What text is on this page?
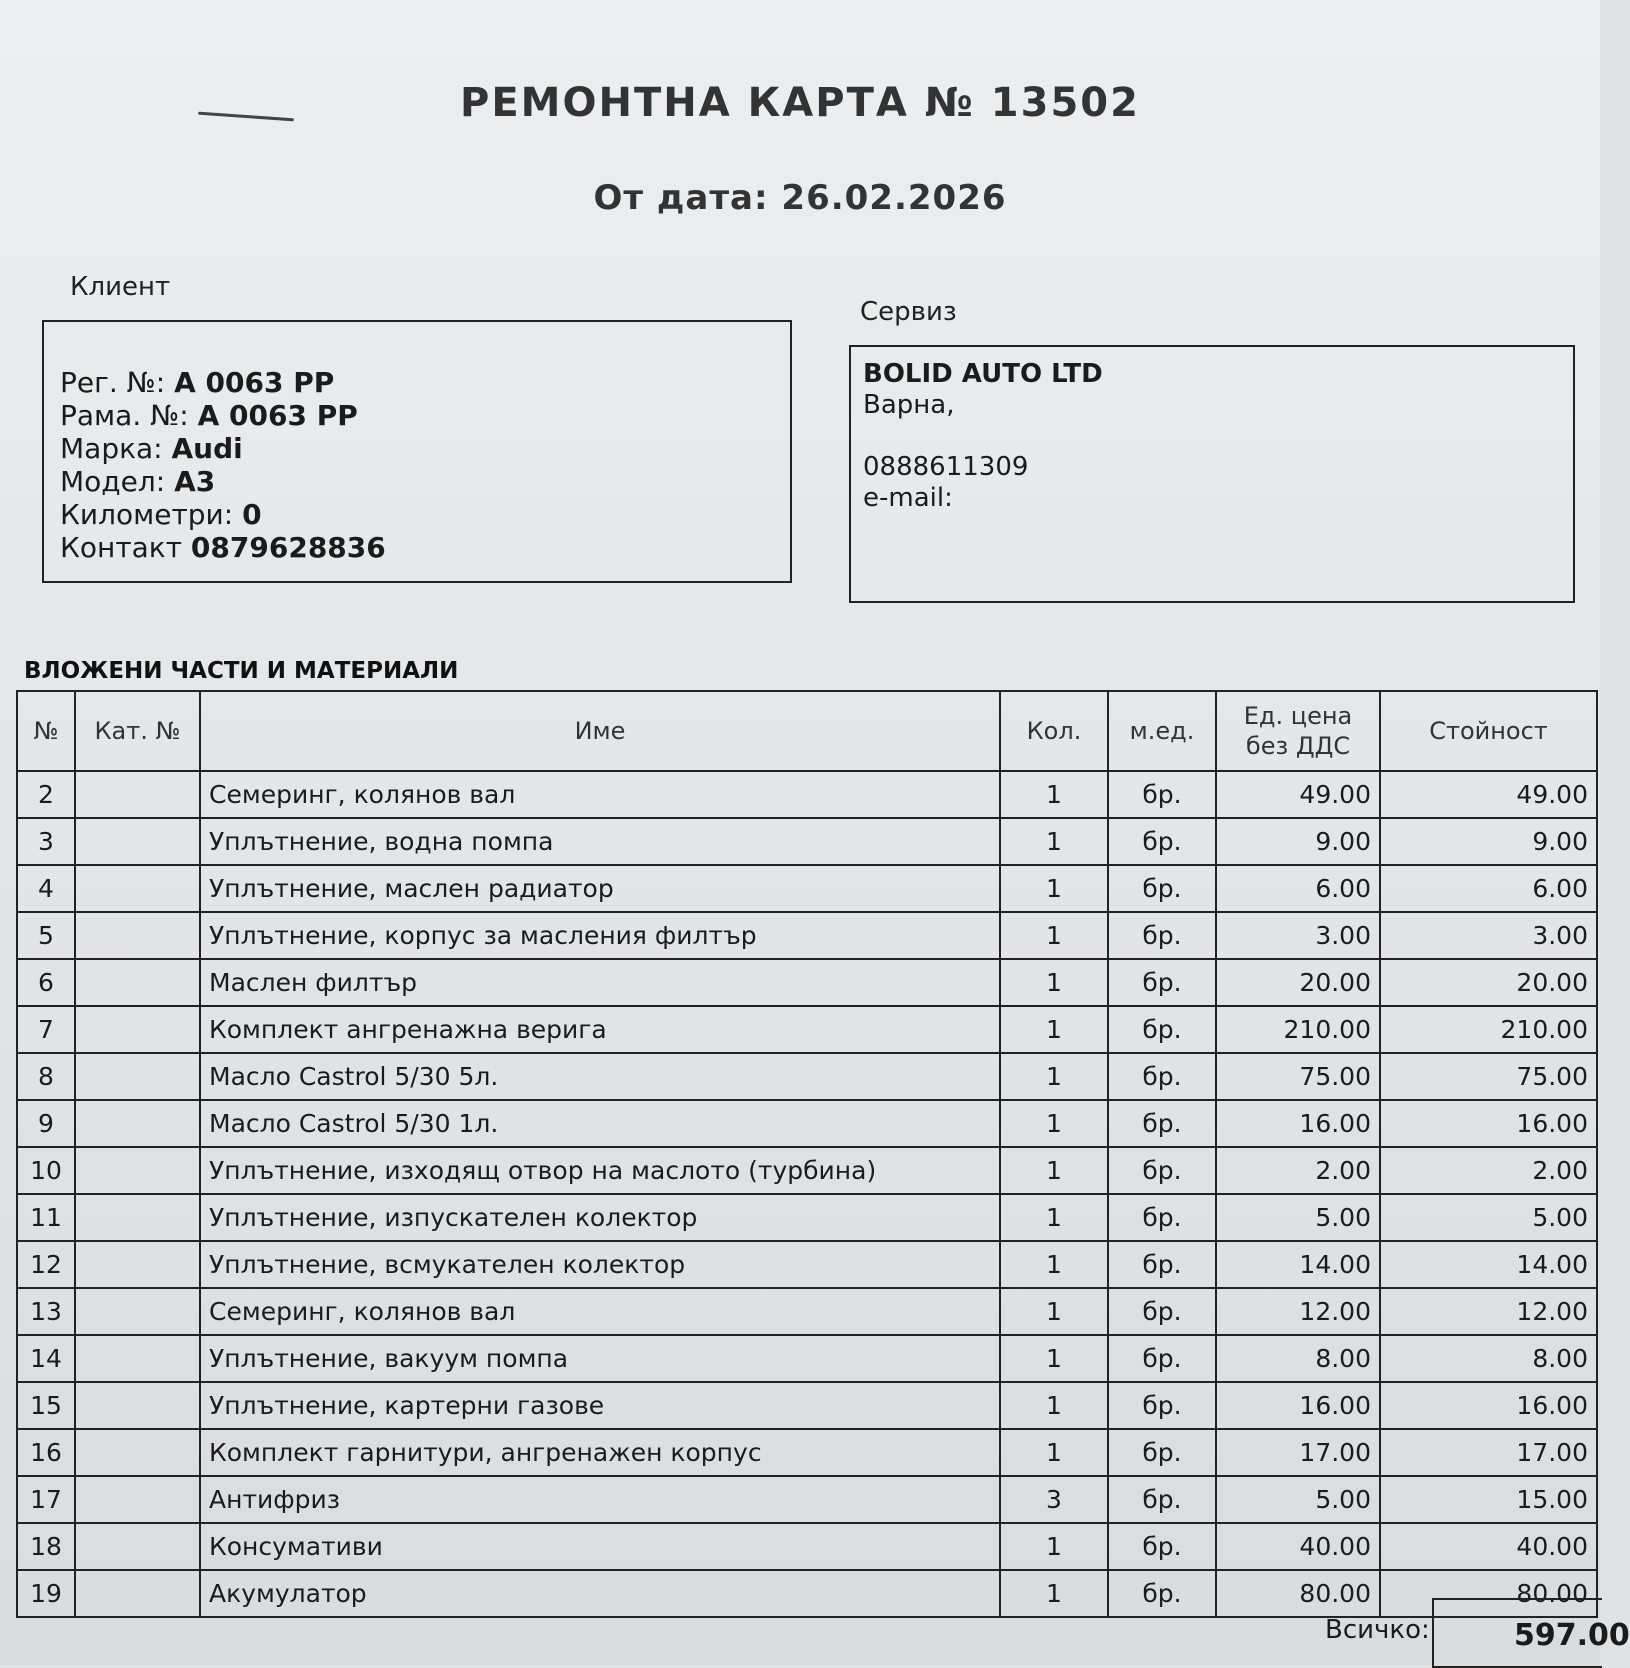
РЕМОНТНА КАРТА № 13502
От дата: 26.02.2026
Клиент
Рег. №: A 0063 PP
Рама. №: A 0063 PP
Марка: Audi
Модел: A3
Километри: 0
Контакт 0879628836
Сервиз
BOLID AUTO LTD
Варна,
0888611309
e-mail:
ВЛОЖЕНИ ЧАСТИ И МАТЕРИАЛИ
№	Кат. №	Име	Кол.	м.ед.	Ед. цена без ДДС	Стойност
2		Семеринг, колянов вал	1	бр.	49.00	49.00
3		Уплътнение, водна помпа	1	бр.	9.00	9.00
4		Уплътнение, маслен радиатор	1	бр.	6.00	6.00
5		Уплътнение, корпус за масления филтър	1	бр.	3.00	3.00
6		Маслен филтър	1	бр.	20.00	20.00
7		Комплект ангренажна верига	1	бр.	210.00	210.00
8		Масло Castrol 5/30 5л.	1	бр.	75.00	75.00
9		Масло Castrol 5/30 1л.	1	бр.	16.00	16.00
10		Уплътнение, изходящ отвор на маслото (турбина)	1	бр.	2.00	2.00
11		Уплътнение, изпускателен колектор	1	бр.	5.00	5.00
12		Уплътнение, всмукателен колектор	1	бр.	14.00	14.00
13		Семеринг, колянов вал	1	бр.	12.00	12.00
14		Уплътнение, вакуум помпа	1	бр.	8.00	8.00
15		Уплътнение, картерни газове	1	бр.	16.00	16.00
16		Комплект гарнитури, ангренажен корпус	1	бр.	17.00	17.00
17		Антифриз	3	бр.	5.00	15.00
18		Консумативи	1	бр.	40.00	40.00
19		Акумулатор	1	бр.	80.00	80.00
Всичко:	597.00
